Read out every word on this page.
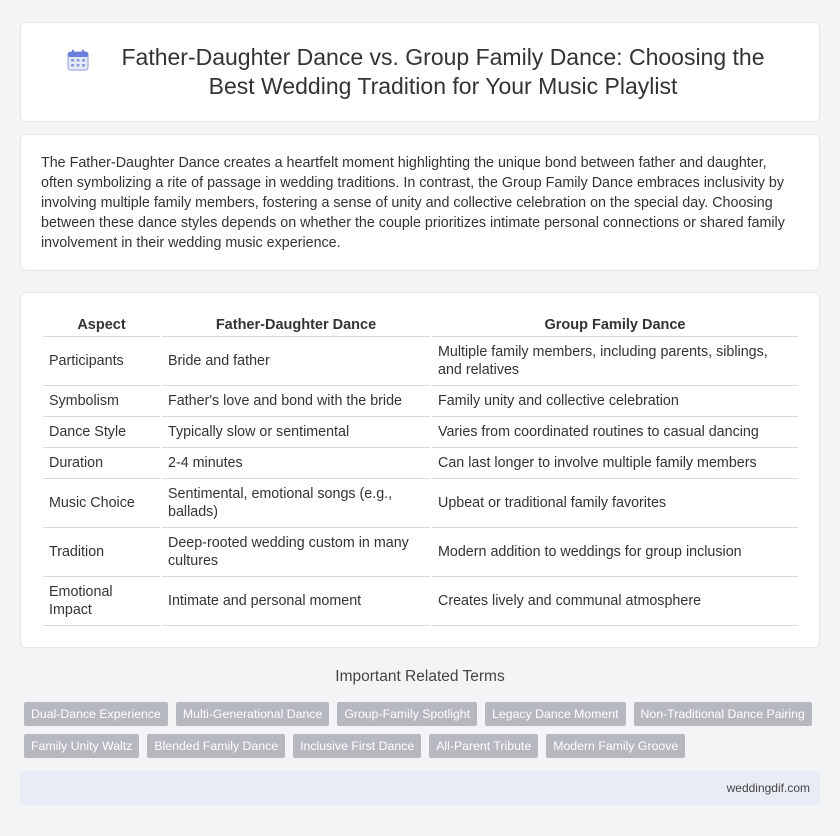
Father-Daughter Dance vs. Group Family Dance: Choosing the Best Wedding Tradition for Your Music Playlist

The Father-Daughter Dance creates a heartfelt moment highlighting the unique bond between father and daughter, often symbolizing a rite of passage in wedding traditions. In contrast, the Group Family Dance embraces inclusivity by involving multiple family members, fostering a sense of unity and collective celebration on the special day. Choosing between these dance styles depends on whether the couple prioritizes intimate personal connections or shared family involvement in their wedding music experience.

Aspect	Father-Daughter Dance	Group Family Dance
Participants	Bride and father	Multiple family members, including parents, siblings, and relatives
Symbolism	Father's love and bond with the bride	Family unity and collective celebration
Dance Style	Typically slow or sentimental	Varies from coordinated routines to casual dancing
Duration	2-4 minutes	Can last longer to involve multiple family members
Music Choice	Sentimental, emotional songs (e.g., ballads)	Upbeat or traditional family favorites
Tradition	Deep-rooted wedding custom in many cultures	Modern addition to weddings for group inclusion
Emotional Impact	Intimate and personal moment	Creates lively and communal atmosphere
Important Related Terms
Dual-Dance Experience	Multi-Generational Dance	Group-Family Spotlight	Legacy Dance Moment	Non-Traditional Dance Pairing
Family Unity Waltz	Blended Family Dance	Inclusive First Dance	All-Parent Tribute	Modern Family Groove
weddingdif.com
